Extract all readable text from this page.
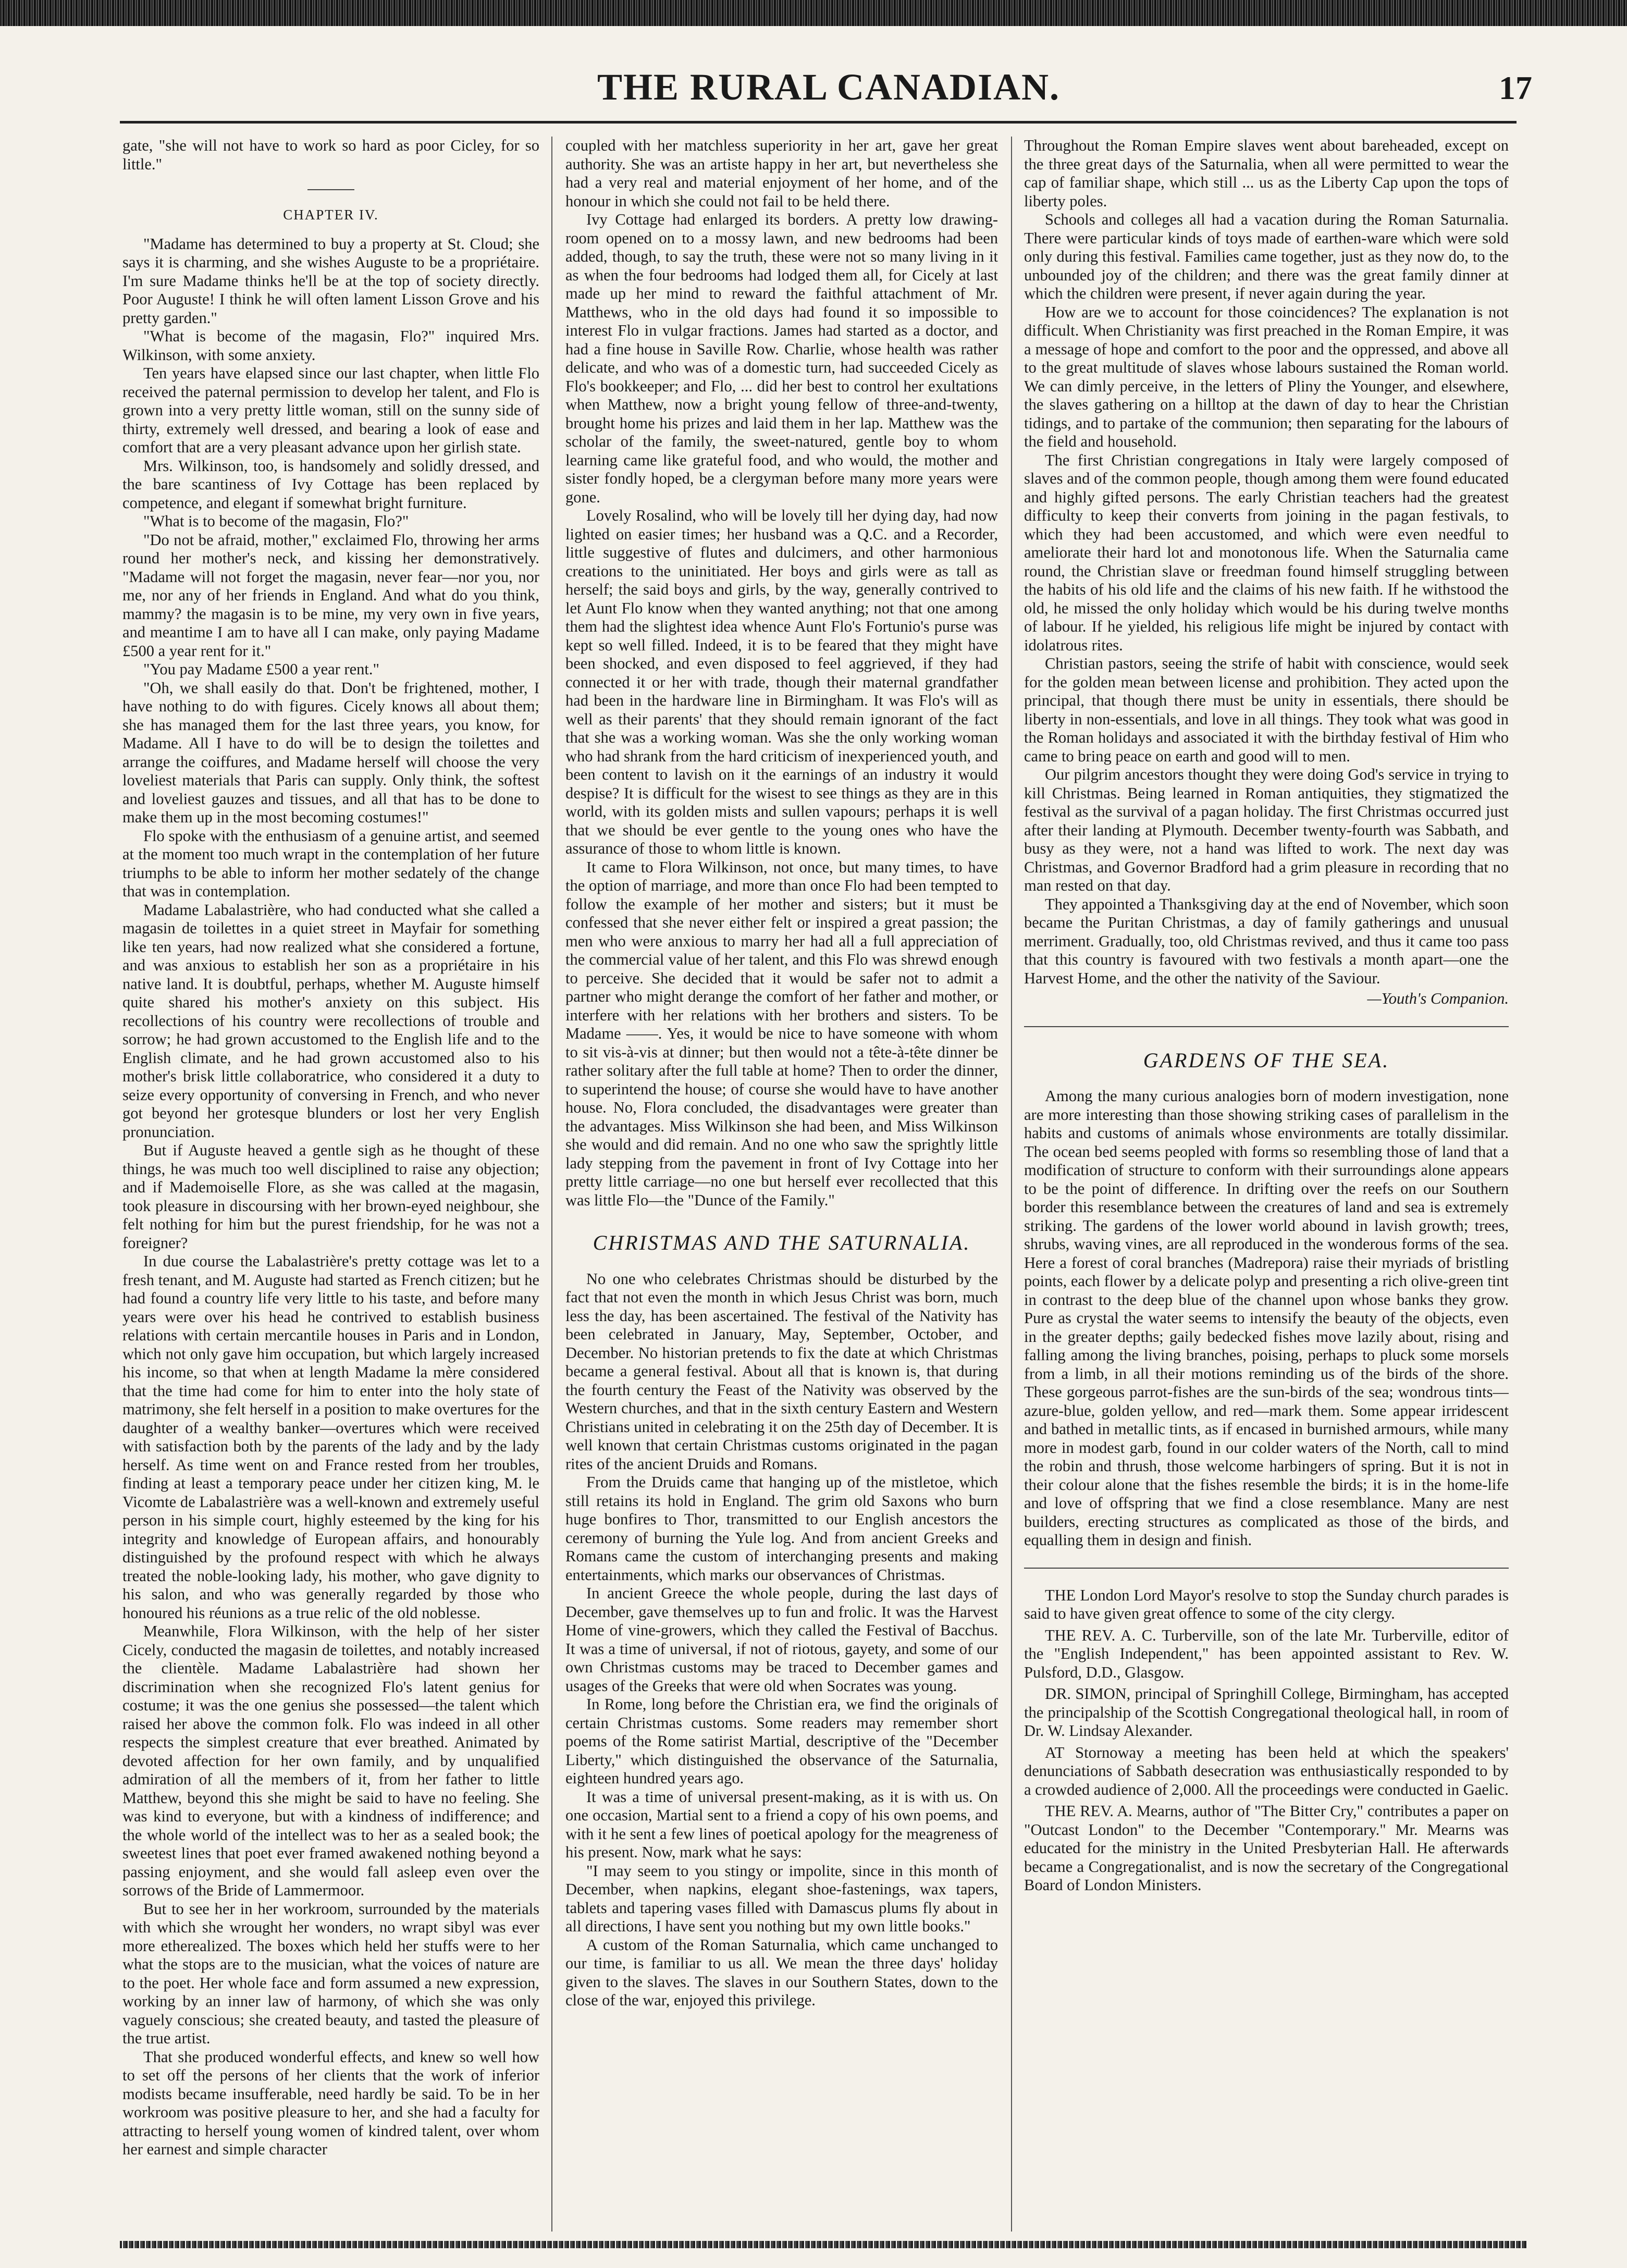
THE RURAL CANADIAN.	17

gate, "she will not have to work so hard as poor Cicley, for so little."

CHAPTER IV.

"Madame has determined to buy a property at St. Cloud; she says it is charming, and she wishes Auguste to be a propriétaire. I'm sure Madame thinks he'll be at the top of society directly. Poor Auguste! I think he will often lament Lisson Grove and his pretty garden."

"What is become of the magasin, Flo?" inquired Mrs. Wilkinson, with some anxiety.

Ten years have elapsed since our last chapter, when little Flo received the paternal permission to develop her talent, and Flo is grown into a very pretty little woman, still on the sunny side of thirty, extremely well dressed, and bearing a look of ease and comfort that are a very pleasant advance upon her girlish state.

Mrs. Wilkinson, too, is handsomely and solidly dressed, and the bare scantiness of Ivy Cottage has been replaced by competence, and elegant if somewhat bright furniture.

"What is to become of the magasin, Flo?"

"Do not be afraid, mother," exclaimed Flo, throwing her arms round her mother's neck, and kissing her demonstratively. "Madame will not forget the magasin, never fear—nor you, nor me, nor any of her friends in England. And what do you think, mammy? the magasin is to be mine, my very own in five years, and meantime I am to have all I can make, only paying Madame £500 a year rent for it."

"You pay Madame £500 a year rent."

"Oh, we shall easily do that. Don't be frightened, mother, I have nothing to do with figures. Cicely knows all about them; she has managed them for the last three years, you know, for Madame. All I have to do will be to design the toilettes and arrange the coiffures, and Madame herself will choose the very loveliest materials that Paris can supply. Only think, the softest and loveliest gauzes and tissues, and all that has to be done to make them up in the most becoming costumes!"

Flo spoke with the enthusiasm of a genuine artist, and seemed at the moment too much wrapt in the contemplation of her future triumphs to be able to inform her mother sedately of the change that was in contemplation.

Madame Labalastrière, who had conducted what she called a magasin de toilettes in a quiet street in Mayfair for something like ten years, had now realized what she considered a fortune, and was anxious to establish her son as a propriétaire in his native land. It is doubtful, perhaps, whether M. Auguste himself quite shared his mother's anxiety on this subject. His recollections of his country were recollections of trouble and sorrow; he had grown accustomed to the English life and to the English climate, and he had grown accustomed also to his mother's brisk little collaboratrice, who considered it a duty to seize every opportunity of conversing in French, and who never got beyond her grotesque blunders or lost her very English pronunciation.

But if Auguste heaved a gentle sigh as he thought of these things, he was much too well disciplined to raise any objection; and if Mademoiselle Flore, as she was called at the magasin, took pleasure in discoursing with her brown-eyed neighbour, she felt nothing for him but the purest friendship, for he was not a foreigner?

In due course the Labalastrière's pretty cottage was let to a fresh tenant, and M. Auguste had started as French citizen; but he had found a country life very little to his taste, and before many years were over his head he contrived to establish business relations with certain mercantile houses in Paris and in London, which not only gave him occupation, but which largely increased his income, so that when at length Madame la mère considered that the time had come for him to enter into the holy state of matrimony, she felt herself in a position to make overtures for the daughter of a wealthy banker—overtures which were received with satisfaction both by the parents of the lady and by the lady herself. As time went on and France rested from her troubles, finding at least a temporary peace under her citizen king, M. le Vicomte de Labalastrière was a well-known and extremely useful person in his simple court, highly esteemed by the king for his integrity and knowledge of European affairs, and honourably distinguished by the profound respect with which he always treated the noble-looking lady, his mother, who gave dignity to his salon, and who was generally regarded by those who honoured his réunions as a true relic of the old noblesse.

Meanwhile, Flora Wilkinson, with the help of her sister Cicely, conducted the magasin de toilettes, and notably increased the clientèle. Madame Labalastrière had shown her discrimination when she recognized Flo's latent genius for costume; it was the one genius she possessed—the talent which raised her above the common folk. Flo was indeed in all other respects the simplest creature that ever breathed. Animated by devoted affection for her own family, and by unqualified admiration of all the members of it, from her father to little Matthew, beyond this she might be said to have no feeling. She was kind to everyone, but with a kindness of indifference; and the whole world of the intellect was to her as a sealed book; the sweetest lines that poet ever framed awakened nothing beyond a passing enjoyment, and she would fall asleep even over the sorrows of the Bride of Lammermoor.

But to see her in her workroom, surrounded by the materials with which she wrought her wonders, no wrapt sibyl was ever more etherealized. The boxes which held her stuffs were to her what the stops are to the musician, what the voices of nature are to the poet. Her whole face and form assumed a new expression, working by an inner law of harmony, of which she was only vaguely conscious; she created beauty, and tasted the pleasure of the true artist.

That she produced wonderful effects, and knew so well how to set off the persons of her clients that the work of inferior modists became insufferable, need hardly be said. To be in her workroom was positive pleasure to her, and she had a faculty for attracting to herself young women of kindred talent, over whom her earnest and simple character

coupled with her matchless superiority in her art, gave her great authority. She was an artiste happy in her art, but nevertheless she had a very real and material enjoyment of her home, and of the honour in which she could not fail to be held there.

Ivy Cottage had enlarged its borders. A pretty low drawing-room opened on to a mossy lawn, and new bedrooms had been added, though, to say the truth, these were not so many living in it as when the four bedrooms had lodged them all, for Cicely at last made up her mind to reward the faithful attachment of Mr. Matthews, who in the old days had found it so impossible to interest Flo in vulgar fractions. James had started as a doctor, and had a fine house in Saville Row. Charlie, whose health was rather delicate, and who was of a domestic turn, had succeeded Cicely as Flo's bookkeeper; and Flo, ... did her best to control her exultations when Matthew, now a bright young fellow of three-and-twenty, brought home his prizes and laid them in her lap. Matthew was the scholar of the family, the sweet-natured, gentle boy to whom learning came like grateful food, and who would, the mother and sister fondly hoped, be a clergyman before many more years were gone.

Lovely Rosalind, who will be lovely till her dying day, had now lighted on easier times; her husband was a Q.C. and a Recorder, little suggestive of flutes and dulcimers, and other harmonious creations to the uninitiated. Her boys and girls were as tall as herself; the said boys and girls, by the way, generally contrived to let Aunt Flo know when they wanted anything; not that one among them had the slightest idea whence Aunt Flo's Fortunio's purse was kept so well filled. Indeed, it is to be feared that they might have been shocked, and even disposed to feel aggrieved, if they had connected it or her with trade, though their maternal grandfather had been in the hardware line in Birmingham. It was Flo's will as well as their parents' that they should remain ignorant of the fact that she was a working woman. Was she the only working woman who had shrank from the hard criticism of inexperienced youth, and been content to lavish on it the earnings of an industry it would despise? It is difficult for the wisest to see things as they are in this world, with its golden mists and sullen vapours; perhaps it is well that we should be ever gentle to the young ones who have the assurance of those to whom little is known.

It came to Flora Wilkinson, not once, but many times, to have the option of marriage, and more than once Flo had been tempted to follow the example of her mother and sisters; but it must be confessed that she never either felt or inspired a great passion; the men who were anxious to marry her had all a full appreciation of the commercial value of her talent, and this Flo was shrewd enough to perceive. She decided that it would be safer not to admit a partner who might derange the comfort of her father and mother, or interfere with her relations with her brothers and sisters. To be Madame ——. Yes, it would be nice to have someone with whom to sit vis-à-vis at dinner; but then would not a tête-à-tête dinner be rather solitary after the full table at home? Then to order the dinner, to superintend the house; of course she would have to have another house. No, Flora concluded, the disadvantages were greater than the advantages. Miss Wilkinson she had been, and Miss Wilkinson she would and did remain. And no one who saw the sprightly little lady stepping from the pavement in front of Ivy Cottage into her pretty little carriage—no one but herself ever recollected that this was little Flo—the "Dunce of the Family."

CHRISTMAS AND THE SATURNALIA.

No one who celebrates Christmas should be disturbed by the fact that not even the month in which Jesus Christ was born, much less the day, has been ascertained. The festival of the Nativity has been celebrated in January, May, September, October, and December. No historian pretends to fix the date at which Christmas became a general festival. About all that is known is, that during the fourth century the Feast of the Nativity was observed by the Western churches, and that in the sixth century Eastern and Western Christians united in celebrating it on the 25th day of December. It is well known that certain Christmas customs originated in the pagan rites of the ancient Druids and Romans.

From the Druids came that hanging up of the mistletoe, which still retains its hold in England. The grim old Saxons who burn huge bonfires to Thor, transmitted to our English ancestors the ceremony of burning the Yule log. And from ancient Greeks and Romans came the custom of interchanging presents and making entertainments, which marks our observances of Christmas.

In ancient Greece the whole people, during the last days of December, gave themselves up to fun and frolic. It was the Harvest Home of vine-growers, which they called the Festival of Bacchus. It was a time of universal, if not of riotous, gayety, and some of our own Christmas customs may be traced to December games and usages of the Greeks that were old when Socrates was young.

In Rome, long before the Christian era, we find the originals of certain Christmas customs. Some readers may remember short poems of the Rome satirist Martial, descriptive of the "December Liberty," which distinguished the observance of the Saturnalia, eighteen hundred years ago.

It was a time of universal present-making, as it is with us. On one occasion, Martial sent to a friend a copy of his own poems, and with it he sent a few lines of poetical apology for the meagreness of his present. Now, mark what he says:

"I may seem to you stingy or impolite, since in this month of December, when napkins, elegant shoe-fastenings, wax tapers, tablets and tapering vases filled with Damascus plums fly about in all directions, I have sent you nothing but my own little books."

A custom of the Roman Saturnalia, which came unchanged to our time, is familiar to us all. We mean the three days' holiday given to the slaves. The slaves in our Southern States, down to the close of the war, enjoyed this privilege.

Throughout the Roman Empire slaves went about bareheaded, except on the three great days of the Saturnalia, when all were permitted to wear the cap of familiar shape, which still ... us as the Liberty Cap upon the tops of liberty poles.

Schools and colleges all had a vacation during the Roman Saturnalia. There were particular kinds of toys made of earthen-ware which were sold only during this festival. Families came together, just as they now do, to the unbounded joy of the children; and there was the great family dinner at which the children were present, if never again during the year.

How are we to account for those coincidences? The explanation is not difficult. When Christianity was first preached in the Roman Empire, it was a message of hope and comfort to the poor and the oppressed, and above all to the great multitude of slaves whose labours sustained the Roman world. We can dimly perceive, in the letters of Pliny the Younger, and elsewhere, the slaves gathering on a hilltop at the dawn of day to hear the Christian tidings, and to partake of the communion; then separating for the labours of the field and household.

The first Christian congregations in Italy were largely composed of slaves and of the common people, though among them were found educated and highly gifted persons. The early Christian teachers had the greatest difficulty to keep their converts from joining in the pagan festivals, to which they had been accustomed, and which were even needful to ameliorate their hard lot and monotonous life. When the Saturnalia came round, the Christian slave or freedman found himself struggling between the habits of his old life and the claims of his new faith. If he withstood the old, he missed the only holiday which would be his during twelve months of labour. If he yielded, his religious life might be injured by contact with idolatrous rites.

Christian pastors, seeing the strife of habit with conscience, would seek for the golden mean between license and prohibition. They acted upon the principal, that though there must be unity in essentials, there should be liberty in non-essentials, and love in all things. They took what was good in the Roman holidays and associated it with the birthday festival of Him who came to bring peace on earth and good will to men.

Our pilgrim ancestors thought they were doing God's service in trying to kill Christmas. Being learned in Roman antiquities, they stigmatized the festival as the survival of a pagan holiday. The first Christmas occurred just after their landing at Plymouth. December twenty-fourth was Sabbath, and busy as they were, not a hand was lifted to work. The next day was Christmas, and Governor Bradford had a grim pleasure in recording that no man rested on that day.

They appointed a Thanksgiving day at the end of November, which soon became the Puritan Christmas, a day of family gatherings and unusual merriment. Gradually, too, old Christmas revived, and thus it came too pass that this country is favoured with two festivals a month apart—one the Harvest Home, and the other the nativity of the Saviour.

—Youth's Companion.
GARDENS OF THE SEA.

Among the many curious analogies born of modern investigation, none are more interesting than those showing striking cases of parallelism in the habits and customs of animals whose environments are totally dissimilar. The ocean bed seems peopled with forms so resembling those of land that a modification of structure to conform with their surroundings alone appears to be the point of difference. In drifting over the reefs on our Southern border this resemblance between the creatures of land and sea is extremely striking. The gardens of the lower world abound in lavish growth; trees, shrubs, waving vines, are all reproduced in the wonderous forms of the sea. Here a forest of coral branches (Madrepora) raise their myriads of bristling points, each flower by a delicate polyp and presenting a rich olive-green tint in contrast to the deep blue of the channel upon whose banks they grow. Pure as crystal the water seems to intensify the beauty of the objects, even in the greater depths; gaily bedecked fishes move lazily about, rising and falling among the living branches, poising, perhaps to pluck some morsels from a limb, in all their motions reminding us of the birds of the shore. These gorgeous parrot-fishes are the sun-birds of the sea; wondrous tints—azure-blue, golden yellow, and red—mark them. Some appear irridescent and bathed in metallic tints, as if encased in burnished armours, while many more in modest garb, found in our colder waters of the North, call to mind the robin and thrush, those welcome harbingers of spring. But it is not in their colour alone that the fishes resemble the birds; it is in the home-life and love of offspring that we find a close resemblance. Many are nest builders, erecting structures as complicated as those of the birds, and equalling them in design and finish.

THE London Lord Mayor's resolve to stop the Sunday church parades is said to have given great offence to some of the city clergy.

THE REV. A. C. Turberville, son of the late Mr. Turberville, editor of the "English Independent," has been appointed assistant to Rev. W. Pulsford, D.D., Glasgow.

DR. SIMON, principal of Springhill College, Birmingham, has accepted the principalship of the Scottish Congregational theological hall, in room of Dr. W. Lindsay Alexander.

AT Stornoway a meeting has been held at which the speakers' denunciations of Sabbath desecration was enthusiastically responded to by a crowded audience of 2,000. All the proceedings were conducted in Gaelic.

THE REV. A. Mearns, author of "The Bitter Cry," contributes a paper on "Outcast London" to the December "Contemporary." Mr. Mearns was educated for the ministry in the United Presbyterian Hall. He afterwards became a Congregationalist, and is now the secretary of the Congregational Board of London Ministers.
